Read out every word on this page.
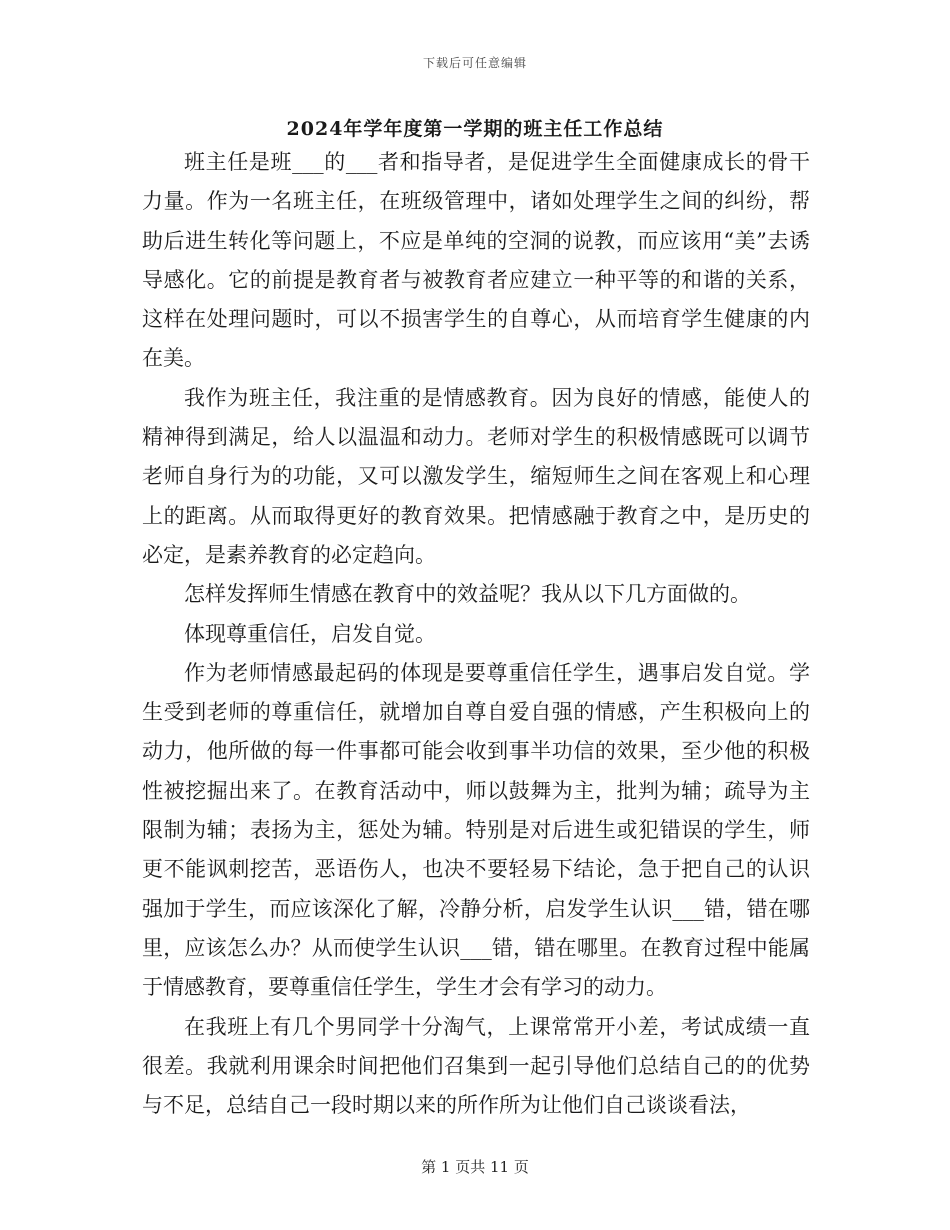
下载后可任意编辑
2024年学年度第一学期的班主任工作总结

班主任是班___的___者和指导者，是促进学生全面健康成长的骨干力量。作为一名班主任，在班级管理中，诸如处理学生之间的纠纷，帮助后进生转化等问题上，不应是单纯的空洞的说教，而应该用“美”去诱导感化。它的前提是教育者与被教育者应建立一种平等的和谐的关系，这样在处理问题时，可以不损害学生的自尊心，从而培育学生健康的内在美。

我作为班主任，我注重的是情感教育。因为良好的情感，能使人的精神得到满足，给人以温温和动力。老师对学生的积极情感既可以调节老师自身行为的功能，又可以激发学生，缩短师生之间在客观上和心理上的距离。从而取得更好的教育效果。把情感融于教育之中，是历史的必定，是素养教育的必定趋向。

怎样发挥师生情感在教育中的效益呢？我从以下几方面做的。

体现尊重信任，启发自觉。

作为老师情感最起码的体现是要尊重信任学生，遇事启发自觉。学生受到老师的尊重信任，就增加自尊自爱自强的情感，产生积极向上的动力，他所做的每一件事都可能会收到事半功信的效果，至少他的积极性被挖掘出来了。在教育活动中，师以鼓舞为主，批判为辅；疏导为主限制为辅；表扬为主，惩处为辅。特别是对后进生或犯错误的学生，师更不能讽刺挖苦，恶语伤人，也决不要轻易下结论，急于把自己的认识强加于学生，而应该深化了解，冷静分析，启发学生认识___错，错在哪里，应该怎么办？从而使学生认识___错，错在哪里。在教育过程中能属于情感教育，要尊重信任学生，学生才会有学习的动力。

在我班上有几个男同学十分淘气，上课常常开小差，考试成绩一直很差。我就利用课余时间把他们召集到一起引导他们总结自己的的优势与不足，总结自己一段时期以来的所作所为让他们自己谈谈看法，

第 1 页共 11 页
